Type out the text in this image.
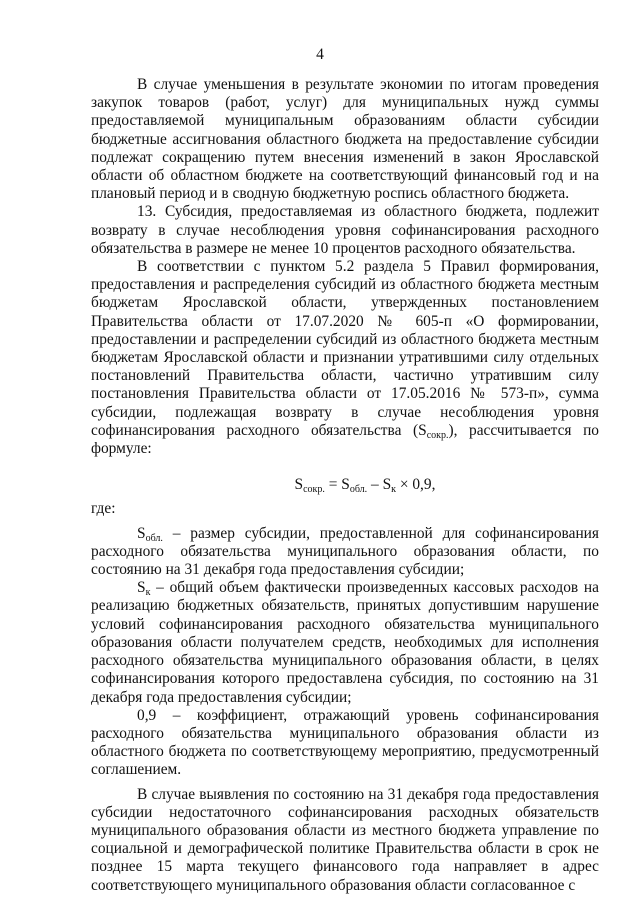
4

В случае уменьшения в результате экономии по итогам проведения закупок товаров (работ, услуг) для муниципальных нужд суммы предоставляемой муниципальным образованиям области субсидии бюджетные ассигнования областного бюджета на предоставление субсидии подлежат сокращению путем внесения изменений в закон Ярославской области об областном бюджете на соответствующий финансовый год и на плановый период и в сводную бюджетную роспись областного бюджета.

13. Субсидия, предоставляемая из областного бюджета, подлежит возврату в случае несоблюдения уровня софинансирования расходного обязательства в размере не менее 10 процентов расходного обязательства.

В соответствии с пунктом 5.2 раздела 5 Правил формирования, предоставления и распределения субсидий из областного бюджета местным бюджетам Ярославской области, утвержденных постановлением Правительства области от 17.07.2020 № 605-п «О формировании, предоставлении и распределении субсидий из областного бюджета местным бюджетам Ярославской области и признании утратившими силу отдельных постановлений Правительства области, частично утратившим силу постановления Правительства области от 17.05.2016 № 573-п», сумма субсидии, подлежащая возврату в случае несоблюдения уровня софинансирования расходного обязательства $(S_{сокр.})$, рассчитывается по формуле:

$S_{сокр.} = S_{обл.} - S_к \times 0,9$,

где:

$S_{обл.}$ – размер субсидии, предоставленной для софинансирования расходного обязательства муниципального образования области, по состоянию на 31 декабря года предоставления субсидии;

$S_к$ – общий объем фактически произведенных кассовых расходов на реализацию бюджетных обязательств, принятых допустившим нарушение условий софинансирования расходного обязательства муниципального образования области получателем средств, необходимых для исполнения расходного обязательства муниципального образования области, в целях софинансирования которого предоставлена субсидия, по состоянию на 31 декабря года предоставления субсидии;

0,9 – коэффициент, отражающий уровень софинансирования расходного обязательства муниципального образования области из областного бюджета по соответствующему мероприятию, предусмотренный соглашением.

В случае выявления по состоянию на 31 декабря года предоставления субсидии недостаточного софинансирования расходных обязательств муниципального образования области из местного бюджета управление по социальной и демографической политике Правительства области в срок не позднее 15 марта текущего финансового года направляет в адрес соответствующего муниципального образования области согласованное с
